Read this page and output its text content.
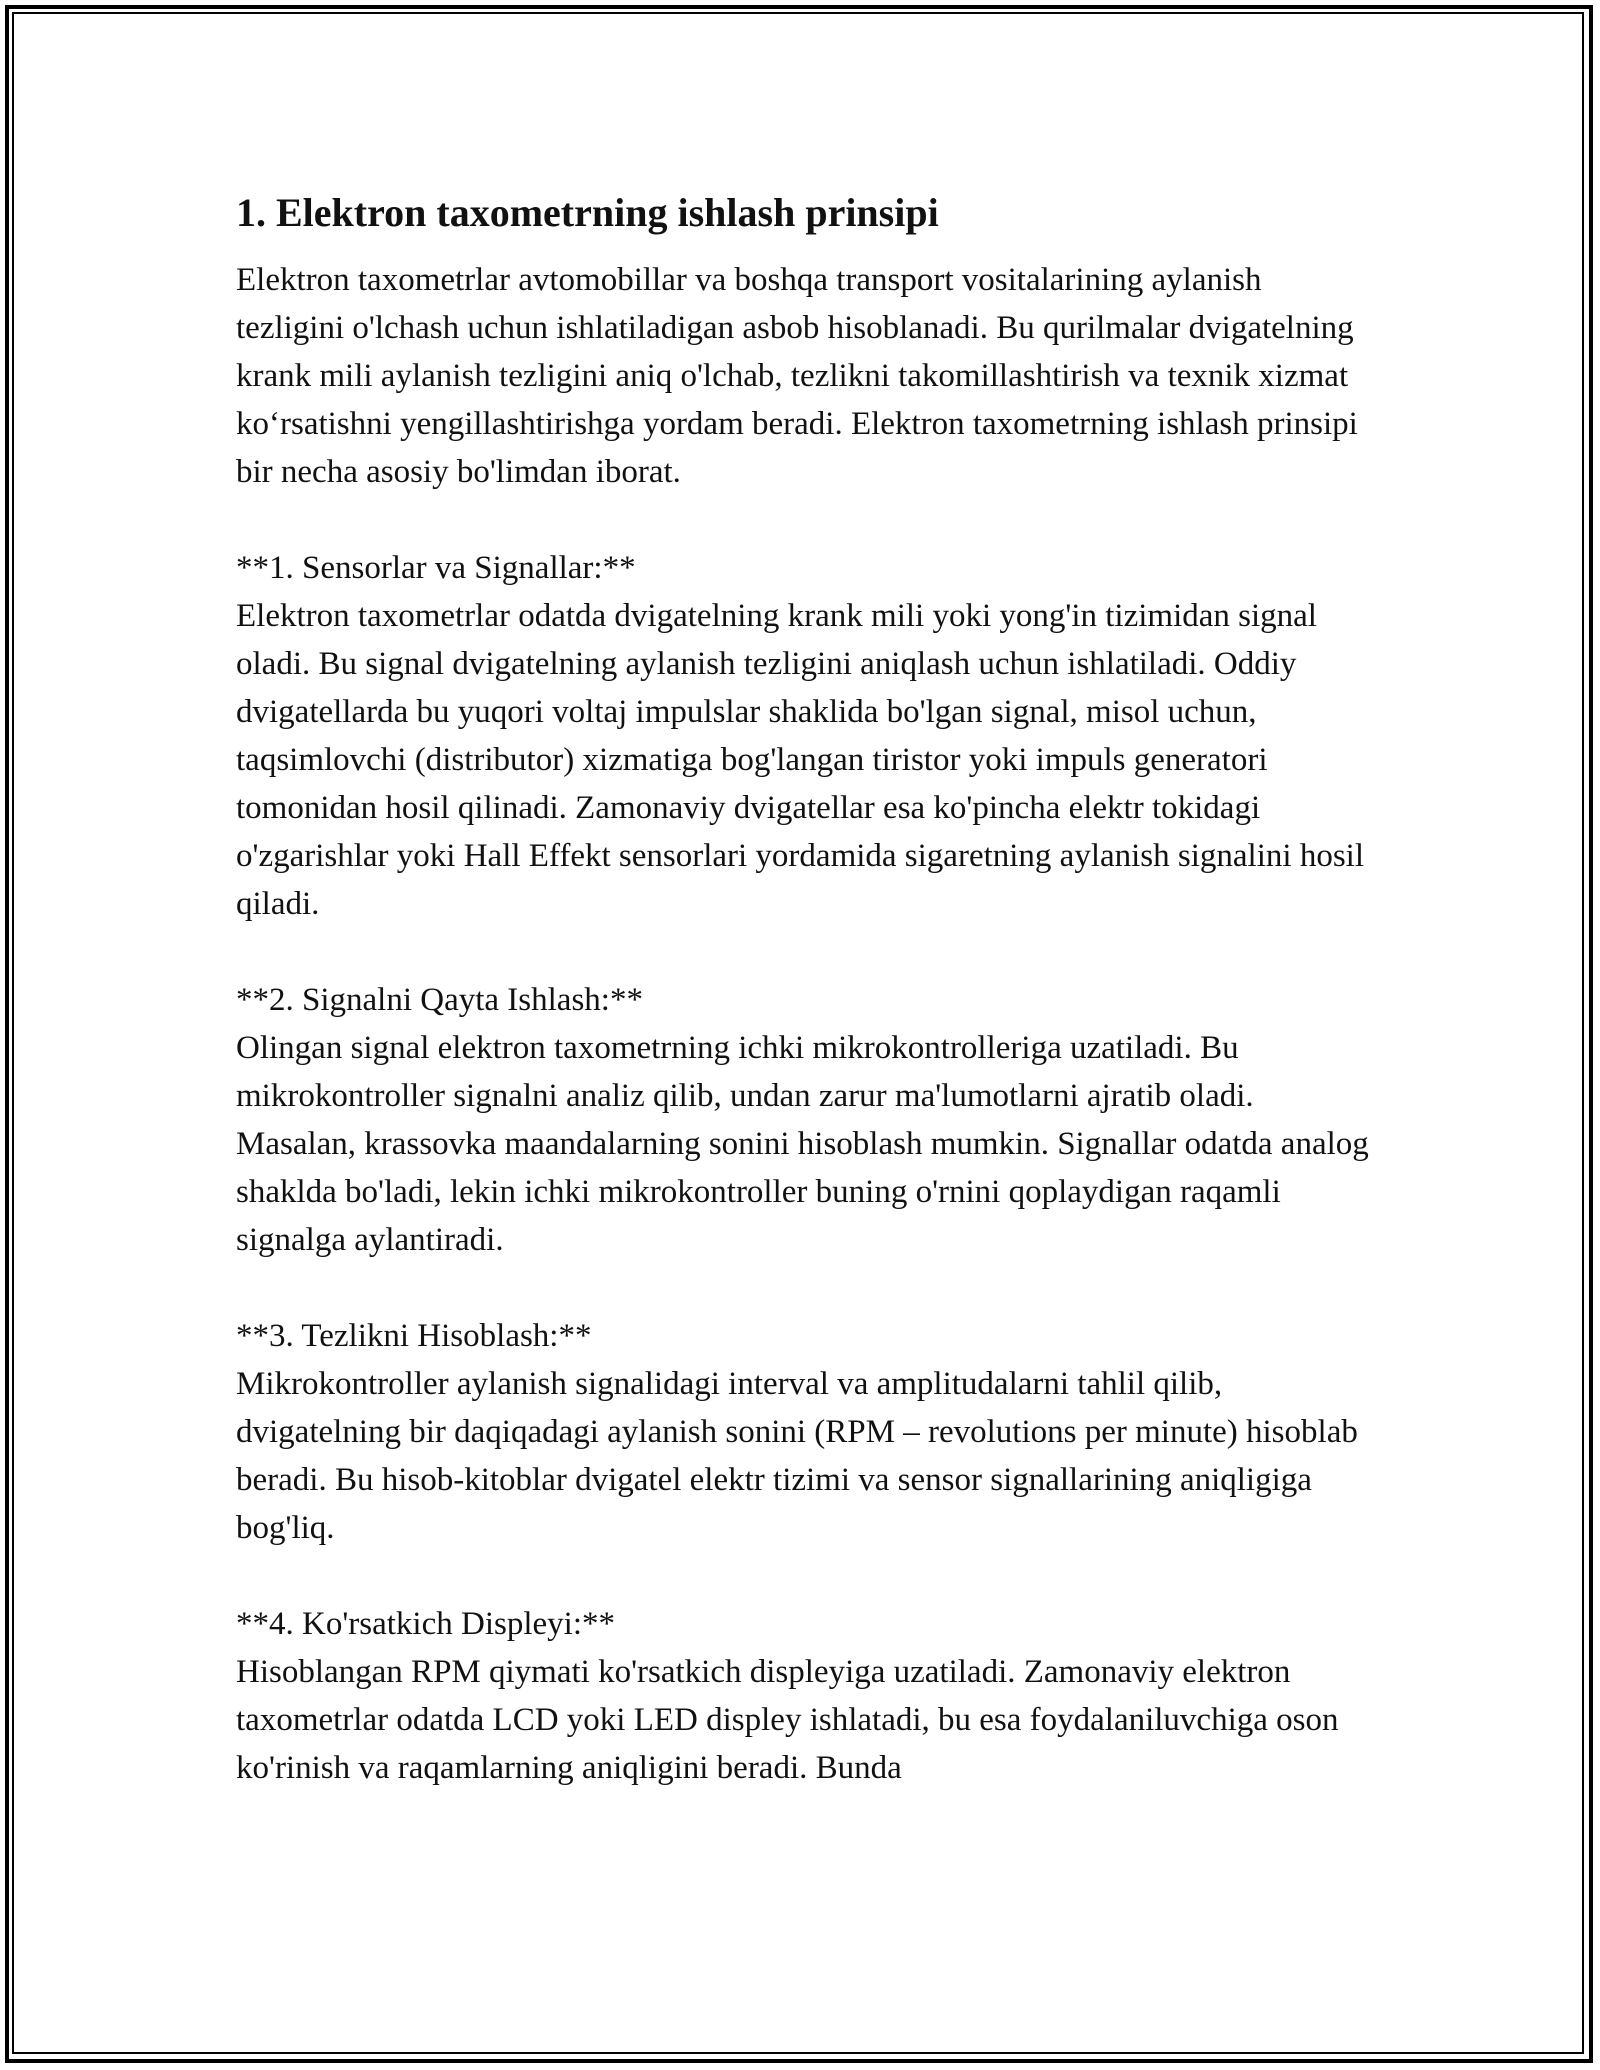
1. Elektron taxometrning ishlash prinsipi

Elektron taxometrlar avtomobillar va boshqa transport vositalarining aylanish tezligini o'lchash uchun ishlatiladigan asbob hisoblanadi. Bu qurilmalar dvigatelning krank mili aylanish tezligini aniq o'lchab, tezlikni takomillashtirish va texnik xizmat ko‘rsatishni yengillashtirishga yordam beradi. Elektron taxometrning ishlash prinsipi bir necha asosiy bo'limdan iborat.

**1. Sensorlar va Signallar:**

Elektron taxometrlar odatda dvigatelning krank mili yoki yong'in tizimidan signal oladi. Bu signal dvigatelning aylanish tezligini aniqlash uchun ishlatiladi. Oddiy dvigatellarda bu yuqori voltaj impulslar shaklida bo'lgan signal, misol uchun, taqsimlovchi (distributor) xizmatiga bog'langan tiristor yoki impuls generatori tomonidan hosil qilinadi. Zamonaviy dvigatellar esa ko'pincha elektr tokidagi o'zgarishlar yoki Hall Effekt sensorlari yordamida sigaretning aylanish signalini hosil qiladi.

**2. Signalni Qayta Ishlash:**

Olingan signal elektron taxometrning ichki mikrokontrolleriga uzatiladi. Bu mikrokontroller signalni analiz qilib, undan zarur ma'lumotlarni ajratib oladi. Masalan, krassovka maandalarning sonini hisoblash mumkin. Signallar odatda analog shaklda bo'ladi, lekin ichki mikrokontroller buning o'rnini qoplaydigan raqamli signalga aylantiradi.

**3. Tezlikni Hisoblash:**

Mikrokontroller aylanish signalidagi interval va amplitudalarni tahlil qilib, dvigatelning bir daqiqadagi aylanish sonini (RPM – revolutions per minute) hisoblab beradi. Bu hisob-kitoblar dvigatel elektr tizimi va sensor signallarining aniqligiga bog'liq.

**4. Ko'rsatkich Displeyi:**

Hisoblangan RPM qiymati ko'rsatkich displeyiga uzatiladi. Zamonaviy elektron taxometrlar odatda LCD yoki LED displey ishlatadi, bu esa foydalaniluvchiga oson ko'rinish va raqamlarning aniqligini beradi. Bunda
